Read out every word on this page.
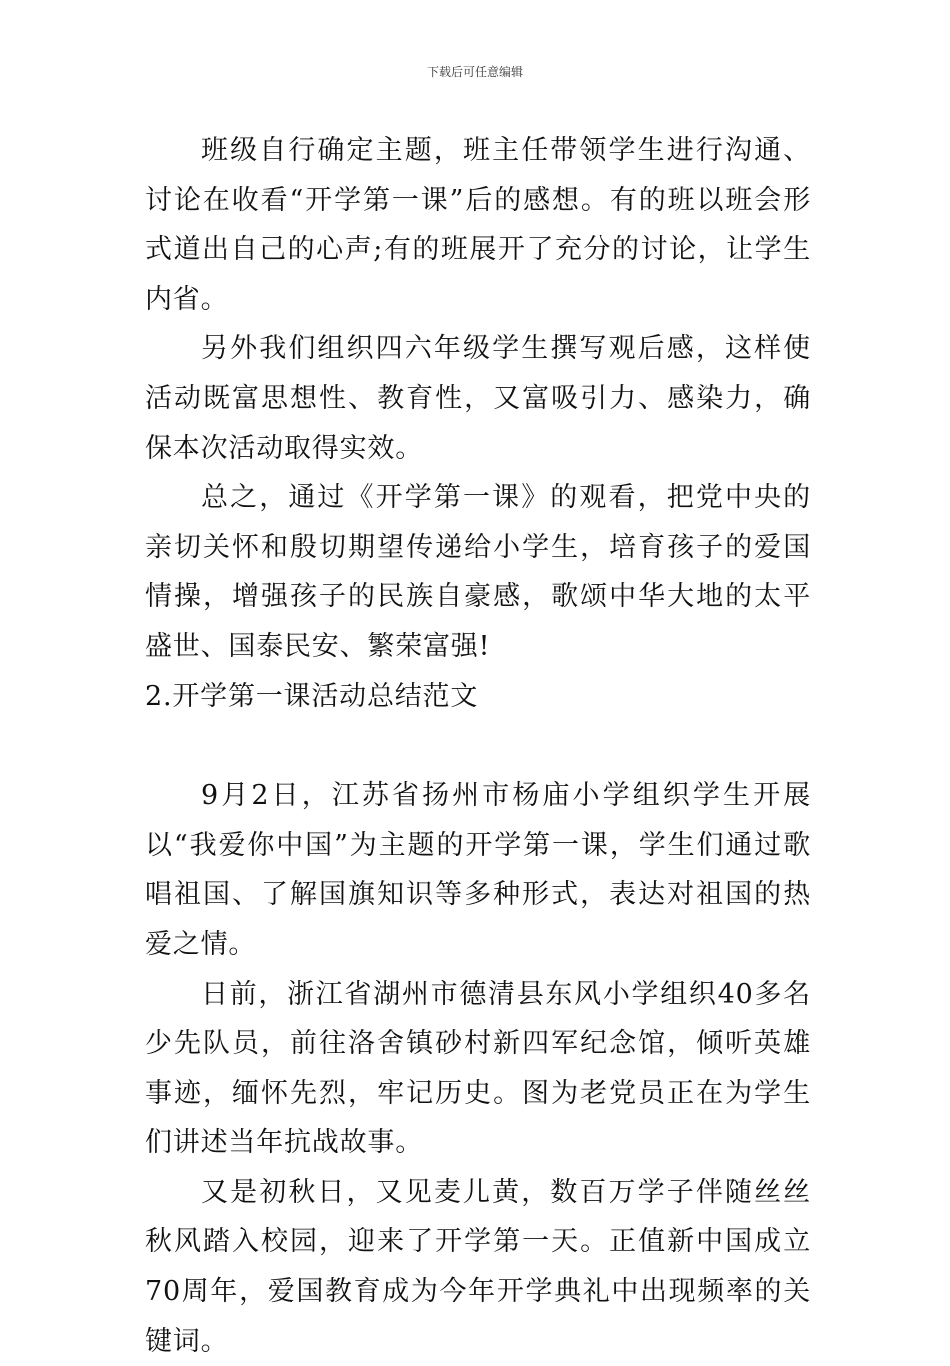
下载后可任意编辑

班级自行确定主题，班主任带领学生进行沟通、讨论在收看“开学第一课”后的感想。有的班以班会形式道出自己的心声;有的班展开了充分的讨论，让学生内省。

另外我们组织四六年级学生撰写观后感，这样使活动既富思想性、教育性，又富吸引力、感染力，确保本次活动取得实效。

总之，通过《开学第一课》的观看，把党中央的亲切关怀和殷切期望传递给小学生，培育孩子的爱国情操，增强孩子的民族自豪感，歌颂中华大地的太平盛世、国泰民安、繁荣富强!

2.开学第一课活动总结范文

9月2日，江苏省扬州市杨庙小学组织学生开展以“我爱你中国”为主题的开学第一课，学生们通过歌唱祖国、了解国旗知识等多种形式，表达对祖国的热爱之情。

日前，浙江省湖州市德清县东风小学组织40多名少先队员，前往洛舍镇砂村新四军纪念馆，倾听英雄事迹，缅怀先烈，牢记历史。图为老党员正在为学生们讲述当年抗战故事。

又是初秋日，又见麦儿黄，数百万学子伴随丝丝秋风踏入校园，迎来了开学第一天。正值新中国成立70周年，爱国教育成为今年开学典礼中出现频率的关键词。
